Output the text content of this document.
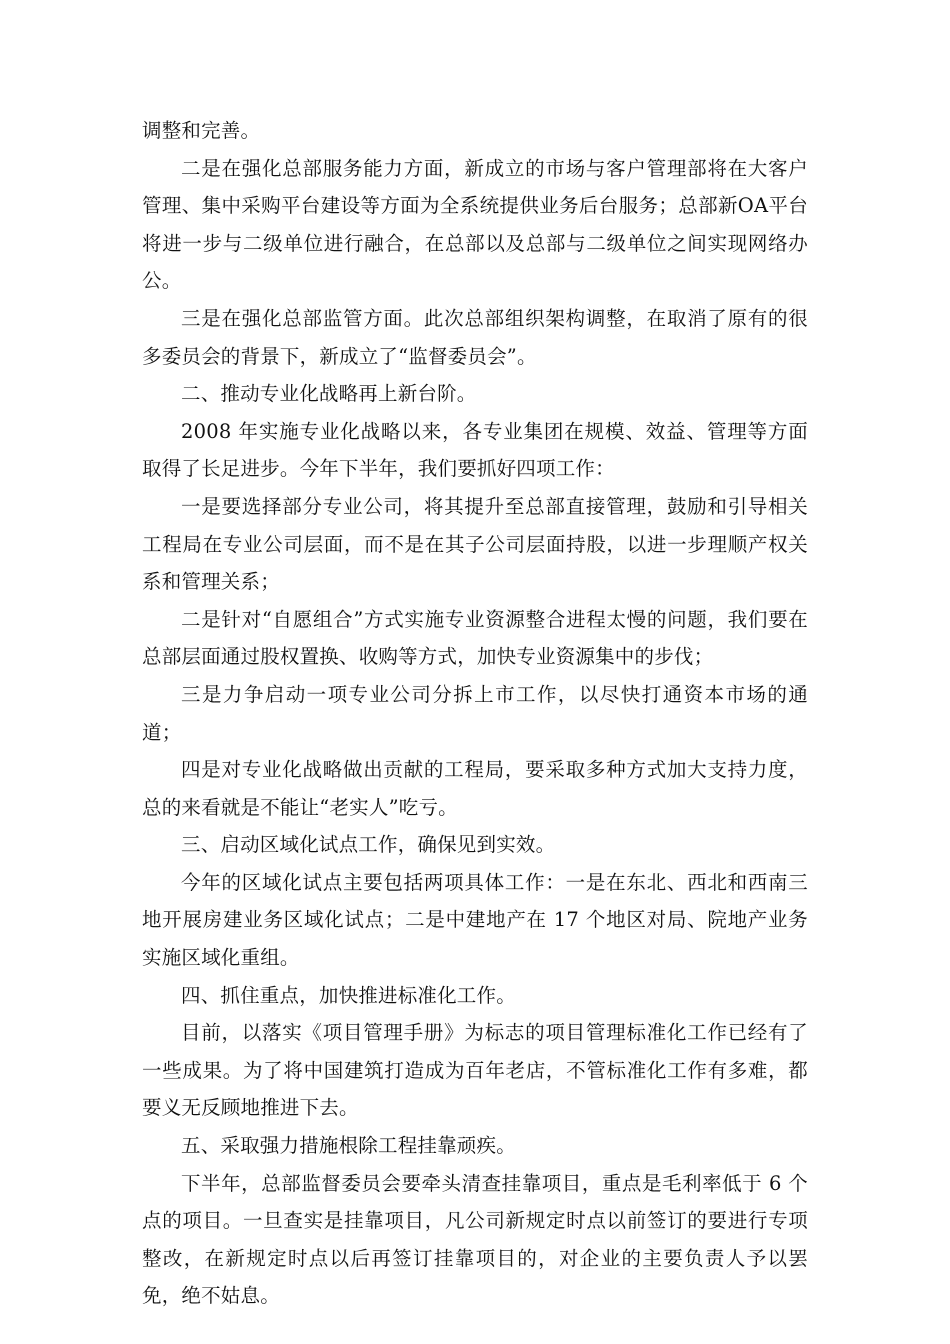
调整和完善。

二是在强化总部服务能力方面，新成立的市场与客户管理部将在大客户管理、集中采购平台建设等方面为全系统提供业务后台服务；总部新OA平台将进一步与二级单位进行融合，在总部以及总部与二级单位之间实现网络办公。

三是在强化总部监管方面。此次总部组织架构调整，在取消了原有的很多委员会的背景下，新成立了“监督委员会”。

二、推动专业化战略再上新台阶。

2008 年实施专业化战略以来，各专业集团在规模、效益、管理等方面取得了长足进步。今年下半年，我们要抓好四项工作：

一是要选择部分专业公司，将其提升至总部直接管理，鼓励和引导相关工程局在专业公司层面，而不是在其子公司层面持股，以进一步理顺产权关系和管理关系；

二是针对“自愿组合”方式实施专业资源整合进程太慢的问题，我们要在总部层面通过股权置换、收购等方式，加快专业资源集中的步伐；

三是力争启动一项专业公司分拆上市工作，以尽快打通资本市场的通道；

四是对专业化战略做出贡献的工程局，要采取多种方式加大支持力度，总的来看就是不能让“老实人”吃亏。

三、启动区域化试点工作，确保见到实效。

今年的区域化试点主要包括两项具体工作：一是在东北、西北和西南三地开展房建业务区域化试点；二是中建地产在 17 个地区对局、院地产业务实施区域化重组。

四、抓住重点，加快推进标准化工作。

目前，以落实《项目管理手册》为标志的项目管理标准化工作已经有了一些成果。为了将中国建筑打造成为百年老店，不管标准化工作有多难，都要义无反顾地推进下去。

五、采取强力措施根除工程挂靠顽疾。

下半年，总部监督委员会要牵头清查挂靠项目，重点是毛利率低于 6 个点的项目。一旦查实是挂靠项目，凡公司新规定时点以前签订的要进行专项整改，在新规定时点以后再签订挂靠项目的，对企业的主要负责人予以罢免，绝不姑息。
